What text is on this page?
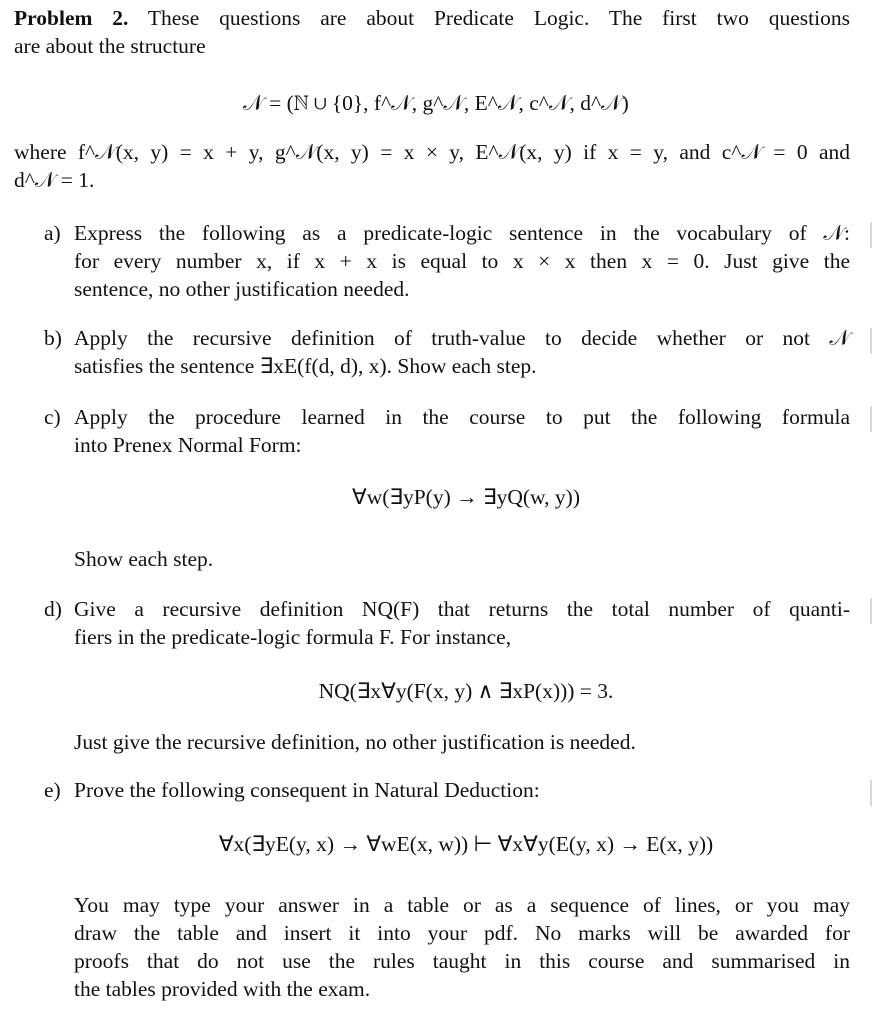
Problem 2. These questions are about Predicate Logic. The first two questions
are about the structure
𝒩 = (ℕ ∪ {0}, f^𝒩, g^𝒩, E^𝒩, c^𝒩, d^𝒩)
where f^𝒩(x, y) = x + y, g^𝒩(x, y) = x × y, E^𝒩(x, y) if x = y, and c^𝒩 = 0 and
d^𝒩 = 1.
a) Express the following as a predicate-logic sentence in the vocabulary of 𝒩:
for every number x, if x + x is equal to x × x then x = 0. Just give the
sentence, no other justification needed.
b) Apply the recursive definition of truth-value to decide whether or not 𝒩
satisfies the sentence ∃xE(f(d, d), x). Show each step.
c) Apply the procedure learned in the course to put the following formula
into Prenex Normal Form:
∀w(∃yP(y) → ∃yQ(w, y))
Show each step.
d) Give a recursive definition NQ(F) that returns the total number of quanti-
fiers in the predicate-logic formula F. For instance,
NQ(∃x∀y(F(x, y) ∧ ∃xP(x))) = 3.
Just give the recursive definition, no other justification is needed.
e) Prove the following consequent in Natural Deduction:
∀x(∃yE(y, x) → ∀wE(x, w)) ⊢ ∀x∀y(E(y, x) → E(x, y))
You may type your answer in a table or as a sequence of lines, or you may
draw the table and insert it into your pdf. No marks will be awarded for
proofs that do not use the rules taught in this course and summarised in
the tables provided with the exam.
